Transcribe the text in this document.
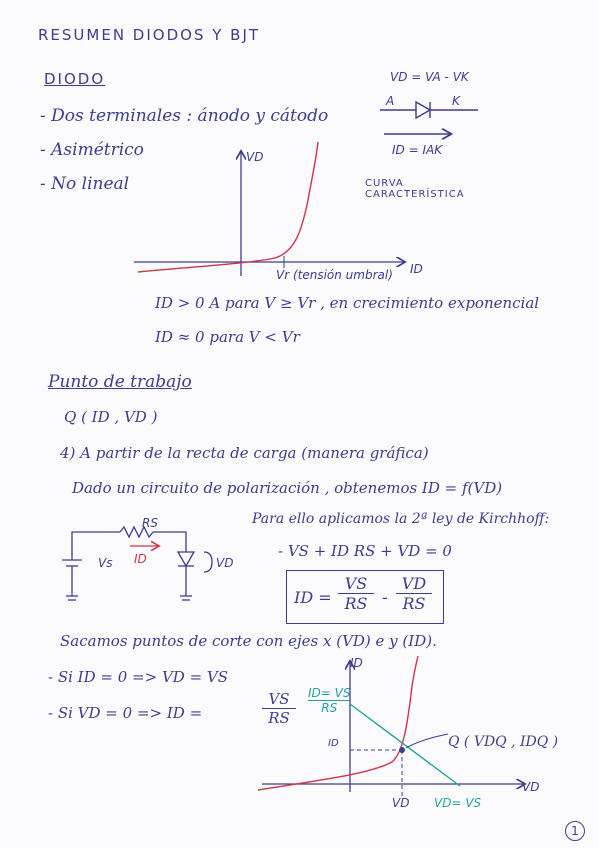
RESUMEN DIODOS Y BJT
DIODO
- Dos terminales : ánodo y cátodo
- Asimétrico
- No lineal
VD = VA - VK
A	K
ID = IAK
CURVA CARACTERÍSTICA
VD
ID
Vr (tensión umbral)
ID > 0 A para V ≥ Vr , en crecimiento exponencial
ID ≈ 0 para V < Vr
Punto de trabajo
Q ( ID , VD )
4) A partir de la recta de carga (manera gráfica)
Dado un circuito de polarización , obtenemos ID = f(VD)
Para ello aplicamos la 2ª ley de Kirchhoff:
RS
Vs ID	VD
- VS + ID RS + VD = 0
ID = $\frac{VS}{RS} - \frac{VD}{RS}$
Sacamos puntos de corte con ejes x (VD) e y (ID).
- Si ID = 0 => VD = VS
- Si VD = 0 => ID =	$\frac{VS}{RS}$
ID
VD
$\frac{ID= VS}{RS}$
ID
VD VD= VS
Q ( VDQ , IDQ )
1
